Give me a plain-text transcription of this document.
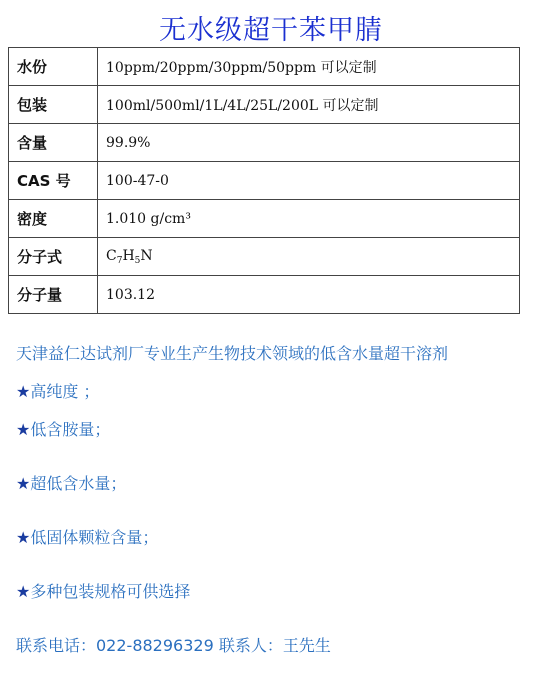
无水级超干苯甲腈
水份	10ppm/20ppm/30ppm/50ppm 可以定制
包装	100ml/500ml/1L/4L/25L/200L 可以定制
含量	99.9%
CAS 号	100-47-0
密度	1.010 g/cm³
分子式	$C_7H_5N$
分子量	103.12
天津益仁达试剂厂专业生产生物技术领域的低含水量超干溶剂
★高纯度 ；
★低含胺量；
★超低含水量；
★低固体颗粒含量；
★多种包装规格可供选择
联系电话：022-88296329 联系人：王先生
